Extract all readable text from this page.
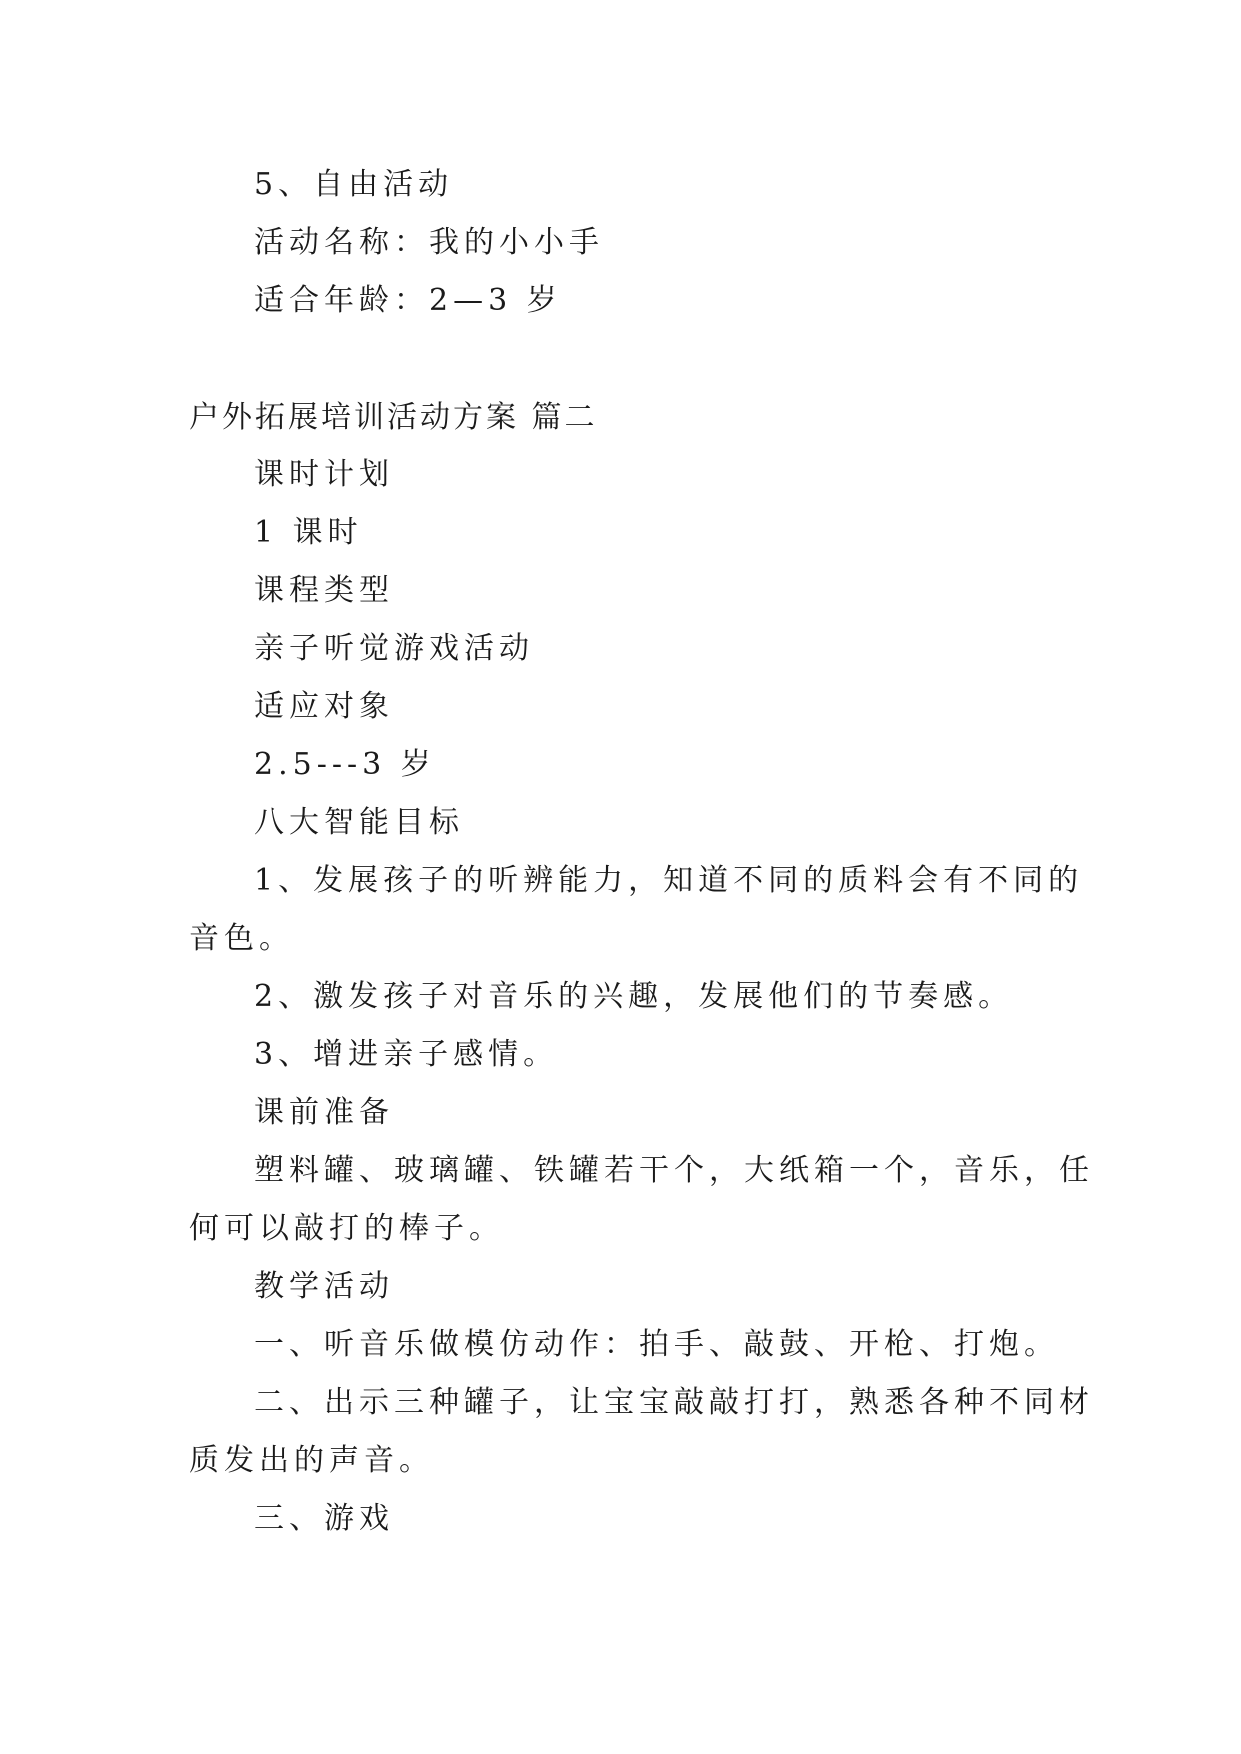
5、自由活动

活动名称：我的小小手

适合年龄：2—3 岁

户外拓展培训活动方案 篇二

课时计划

1 课时

课程类型

亲子听觉游戏活动

适应对象

2.5---3 岁

八大智能目标

1、发展孩子的听辨能力，知道不同的质料会有不同的

音色。

2、激发孩子对音乐的兴趣，发展他们的节奏感。

3、增进亲子感情。

课前准备

塑料罐、玻璃罐、铁罐若干个，大纸箱一个，音乐，任

何可以敲打的棒子。

教学活动

一、听音乐做模仿动作：拍手、敲鼓、开枪、打炮。

二、出示三种罐子，让宝宝敲敲打打，熟悉各种不同材

质发出的声音。

三、游戏
